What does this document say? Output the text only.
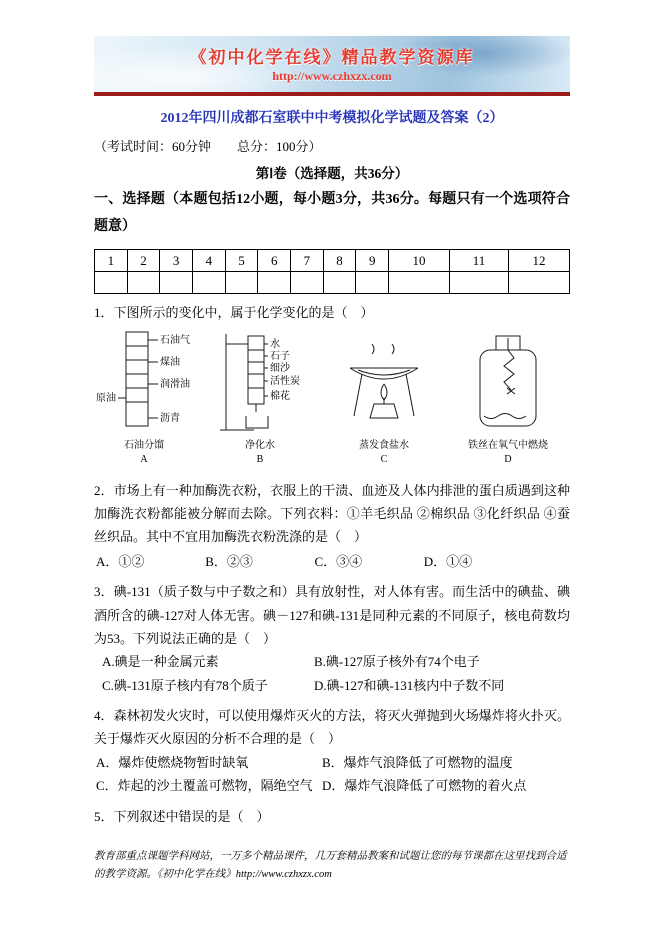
《初中化学在线》精品教学资源库
http://www.czhxzx.com
2012年四川成都石室联中中考模拟化学试题及答案（2）

（考试时间：60分钟　　总分：100分）

第Ⅰ卷（选择题，共36分）

一、选择题（本题包括12小题，每小题3分，共36分。每题只有一个选项符合题意）

1	2	3	4	5	6	7	8	9	10	11	12

1．下图所示的变化中，属于化学变化的是（　）

石油气
煤油
润滑油
沥青
原油
石油分馏
A
水
石子
细沙
活性炭
棉花
净化水
B
蒸发食盐水
C
铁丝在氧气中燃烧
D

2．市场上有一种加酶洗衣粉，衣服上的干渍、血迹及人体内排泄的蛋白质遇到这种加酶洗衣粉都能被分解而去除。下列衣料：①羊毛织品 ②棉织品 ③化纤织品 ④蚕丝织品。其中不宜用加酶洗衣粉洗涤的是（　）

A．①②	B．②③	C．③④	D．①④

3．碘-131（质子数与中子数之和）具有放射性，对人体有害。而生活中的碘盐、碘酒所含的碘-127对人体无害。碘－127和碘-131是同种元素的不同原子，核电荷数均为53。下列说法正确的是（　）

A.碘是一种金属元素	B.碘-127原子核外有74个电子
C.碘-131原子核内有78个质子	D.碘-127和碘-131核内中子数不同

4．森林初发火灾时，可以使用爆炸灭火的方法，将灭火弹抛到火场爆炸将火扑灭。关于爆炸灭火原因的分析不合理的是（　）

A．爆炸使燃烧物暂时缺氧	B．爆炸气浪降低了可燃物的温度
C．炸起的沙土覆盖可燃物，隔绝空气 D．爆炸气浪降低了可燃物的着火点

5．下列叙述中错误的是（　）

教育部重点课题学科网站，一万多个精品课件，几万套精品教案和试题让您的每节课都在这里找到合适的教学资源。《初中化学在线》http://www.czhxzx.com
